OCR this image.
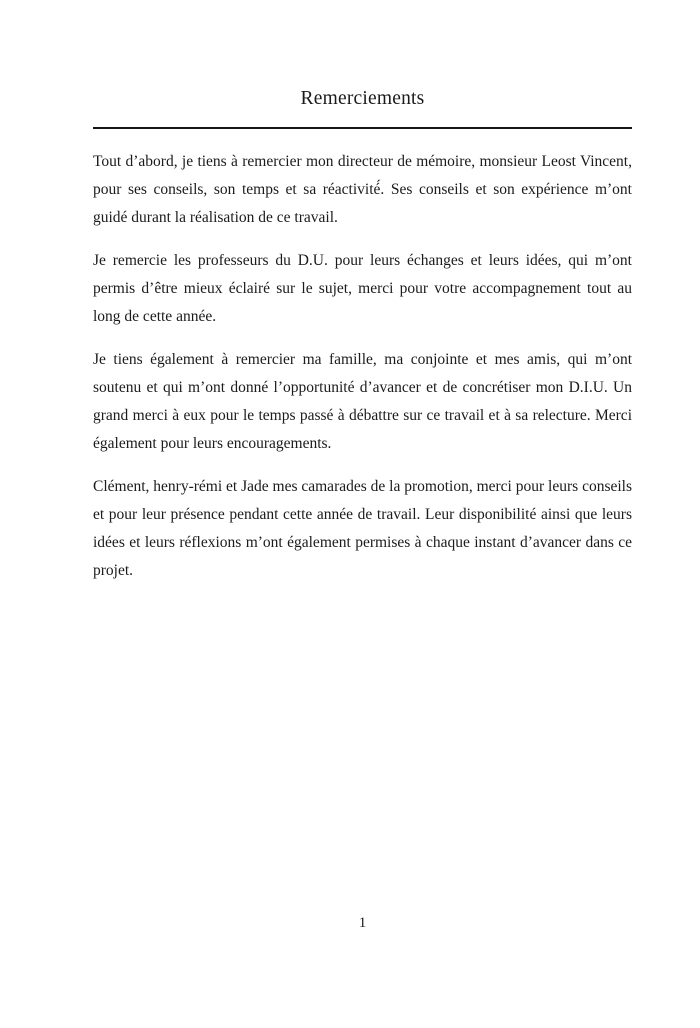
Remerciements

Tout d’abord, je tiens à remercier mon directeur de mémoire, monsieur Leost Vincent, pour ses conseils, son temps et sa réactivité́. Ses conseils et son expérience m’ont guidé durant la réalisation de ce travail.

Je remercie les professeurs du D.U. pour leurs échanges et leurs idées, qui m’ont permis d’être mieux éclairé sur le sujet, merci pour votre accompagnement tout au long de cette année.

Je tiens également à remercier ma famille, ma conjointe et mes amis, qui m’ont soutenu et qui m’ont donné l’opportunité d’avancer et de concrétiser mon D.I.U. Un grand merci à eux pour le temps passé à débattre sur ce travail et à sa relecture. Merci également pour leurs encouragements.

Clément, henry-rémi et Jade mes camarades de la promotion, merci pour leurs conseils et pour leur présence pendant cette année de travail. Leur disponibilité ainsi que leurs idées et leurs réflexions m’ont également permises à chaque instant d’avancer dans ce projet.

1
